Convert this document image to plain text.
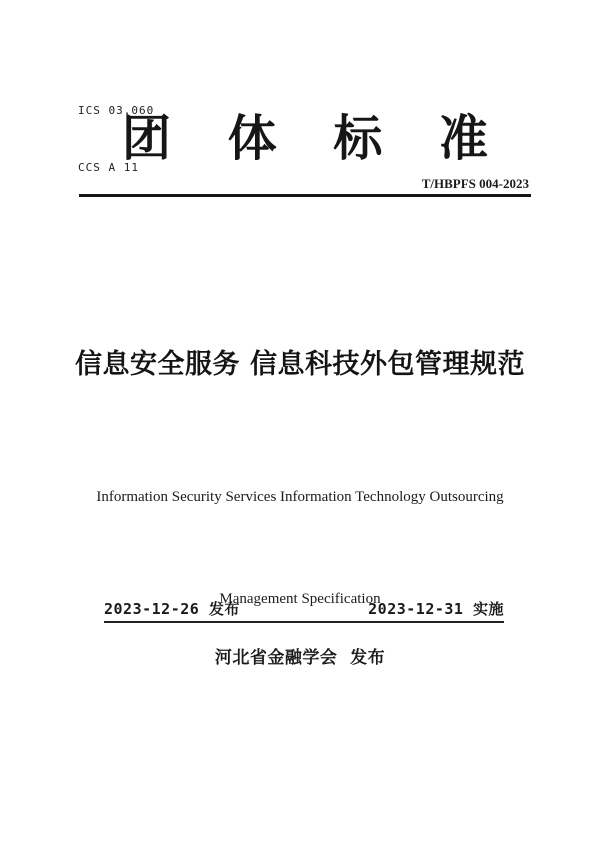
ICS 03.060

CCS A 11

团 体 标 准
T/HBPFS 004-2023
信息安全服务 信息科技外包管理规范

Information Security Services Information Technology Outsourcing

Management Specification

2023-12-26 发布	2023-12-31 实施
河北省金融学会  发布
